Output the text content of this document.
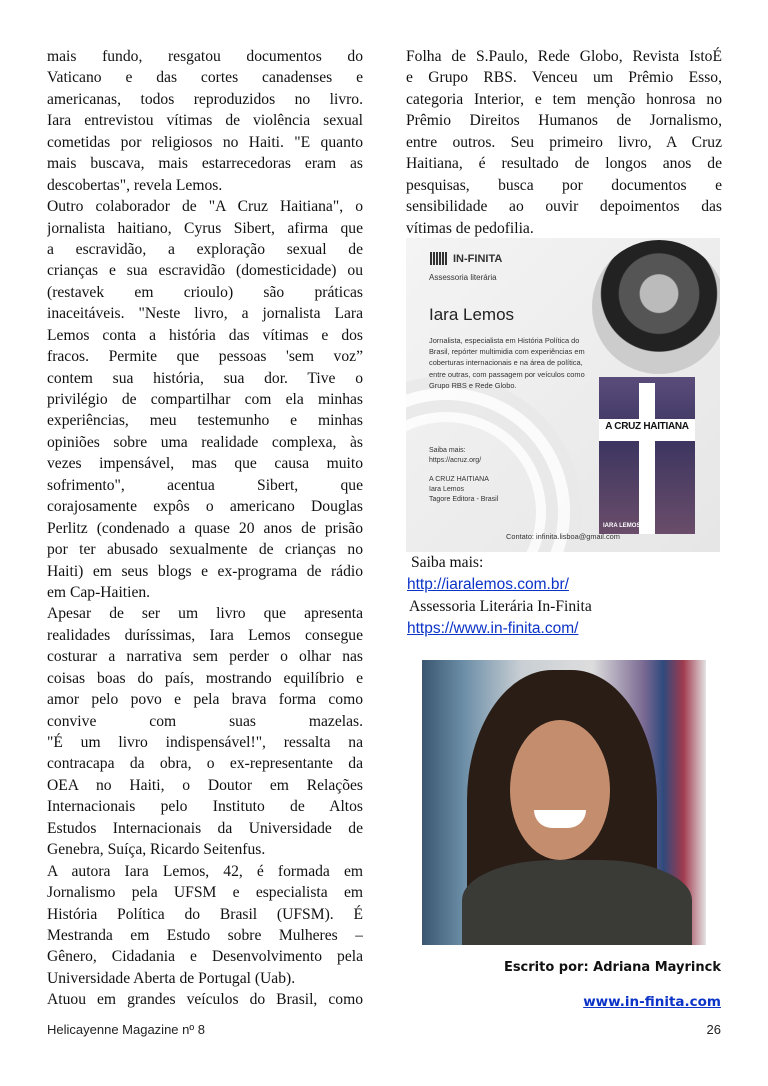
mais fundo, resgatou documentos do
Vaticano e das cortes canadenses e
americanas, todos reproduzidos no livro.
Iara entrevistou vítimas de violência sexual
cometidas por religiosos no Haiti. "E quanto
mais buscava, mais estarrecedoras eram as
descobertas", revela Lemos.
Outro colaborador de "A Cruz Haitiana", o
jornalista haitiano, Cyrus Sibert, afirma que
a escravidão, a exploração sexual de
crianças e sua escravidão (domesticidade) ou
(restavek em crioulo) são práticas
inaceitáveis. "Neste livro, a jornalista Lara
Lemos conta a história das vítimas e dos
fracos. Permite que pessoas 'sem voz”
contem sua história, sua dor. Tive o
privilégio de compartilhar com ela minhas
experiências, meu testemunho e minhas
opiniões sobre uma realidade complexa, às
vezes impensável, mas que causa muito
sofrimento", acentua Sibert, que
corajosamente expôs o americano Douglas
Perlitz (condenado a quase 20 anos de prisão
por ter abusado sexualmente de crianças no
Haiti) em seus blogs e ex-programa de rádio
em Cap-Haitien.
Apesar de ser um livro que apresenta
realidades duríssimas, Iara Lemos consegue
costurar a narrativa sem perder o olhar nas
coisas boas do país, mostrando equilíbrio e
amor pelo povo e pela brava forma como
convive com suas mazelas.
"É um livro indispensável!", ressalta na
contracapa da obra, o ex-representante da
OEA no Haiti, o Doutor em Relações
Internacionais pelo Instituto de Altos
Estudos Internacionais da Universidade de
Genebra, Suíça, Ricardo Seitenfus.
A autora Iara Lemos, 42, é formada em
Jornalismo pela UFSM e especialista em
História Política do Brasil (UFSM). É
Mestranda em Estudo sobre Mulheres –
Gênero, Cidadania e Desenvolvimento pela
Universidade Aberta de Portugal (Uab).
Atuou em grandes veículos do Brasil, como
Folha de S.Paulo, Rede Globo, Revista IstoÉ
e Grupo RBS. Venceu um Prêmio Esso,
categoria Interior, e tem menção honrosa no
Prêmio Direitos Humanos de Jornalismo,
entre outros. Seu primeiro livro, A Cruz
Haitiana, é resultado de longos anos de
pesquisas, busca por documentos e
sensibilidade ao ouvir depoimentos das
vítimas de pedofilia.
IN-FINITA
Assessoria literária
Iara Lemos
Jornalista, especialista em História Política do Brasil, repórter multimidia com experiências em coberturas internacionais e na área de política, entre outras, com passagem por veículos como Grupo RBS e Rede Globo.
Saiba mais:
https://acruz.org/
A CRUZ HAITIANA
Iara Lemos
Tagore Editora - Brasil
A CRUZ HAITIANA
IARA LEMOS
Contato: infinita.lisboa@gmail.com
Saiba mais:
http://iaralemos.com.br/
Assessoria Literária In-Finita
https://www.in-finita.com/
Escrito por: Adriana Mayrinck
www.in-finita.com
Helicayenne Magazine nº 8	26
